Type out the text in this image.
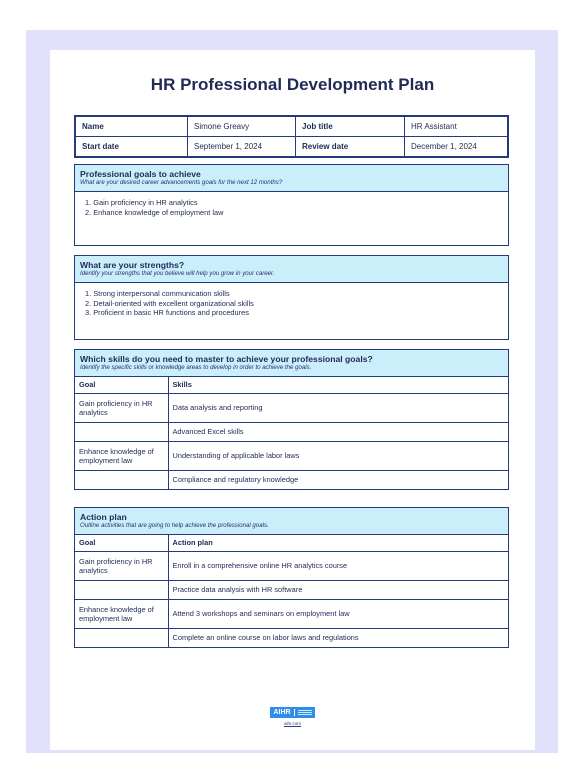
HR Professional Development Plan
Name	Simone Greavy	Job title	HR Assistant
Start date	September 1, 2024	Review date	December 1, 2024
Professional goals to achieve
What are your desired career advancements goals for the next 12 months?
1. Gain proficiency in HR analytics
2. Enhance knowledge of employment law
What are your strengths?
Identify your strengths that you believe will help you grow in your career.
1. Strong interpersonal communication skills
2. Detail-oriented with excellent organizational skills
3. Proficient in basic HR functions and procedures
Which skills do you need to master to achieve your professional goals?
Identify the specific skills or knowledge areas to develop in order to achieve the goals.
Goal	Skills
Gain proficiency in HR analytics	Data analysis and reporting
	Advanced Excel skills
Enhance knowledge of employment law	Understanding of applicable labor laws
	Compliance and regulatory knowledge
Action plan
Outline activities that are going to help achieve the professional goals.
Goal	Action plan
Gain proficiency in HR analytics	Enroll in a comprehensive online HR analytics course
	Practice data analysis with HR software
Enhance knowledge of employment law	Attend 3 workshops and seminars on employment law
	Complete an online course on labor laws and regulations
AIHR
aihr.com
